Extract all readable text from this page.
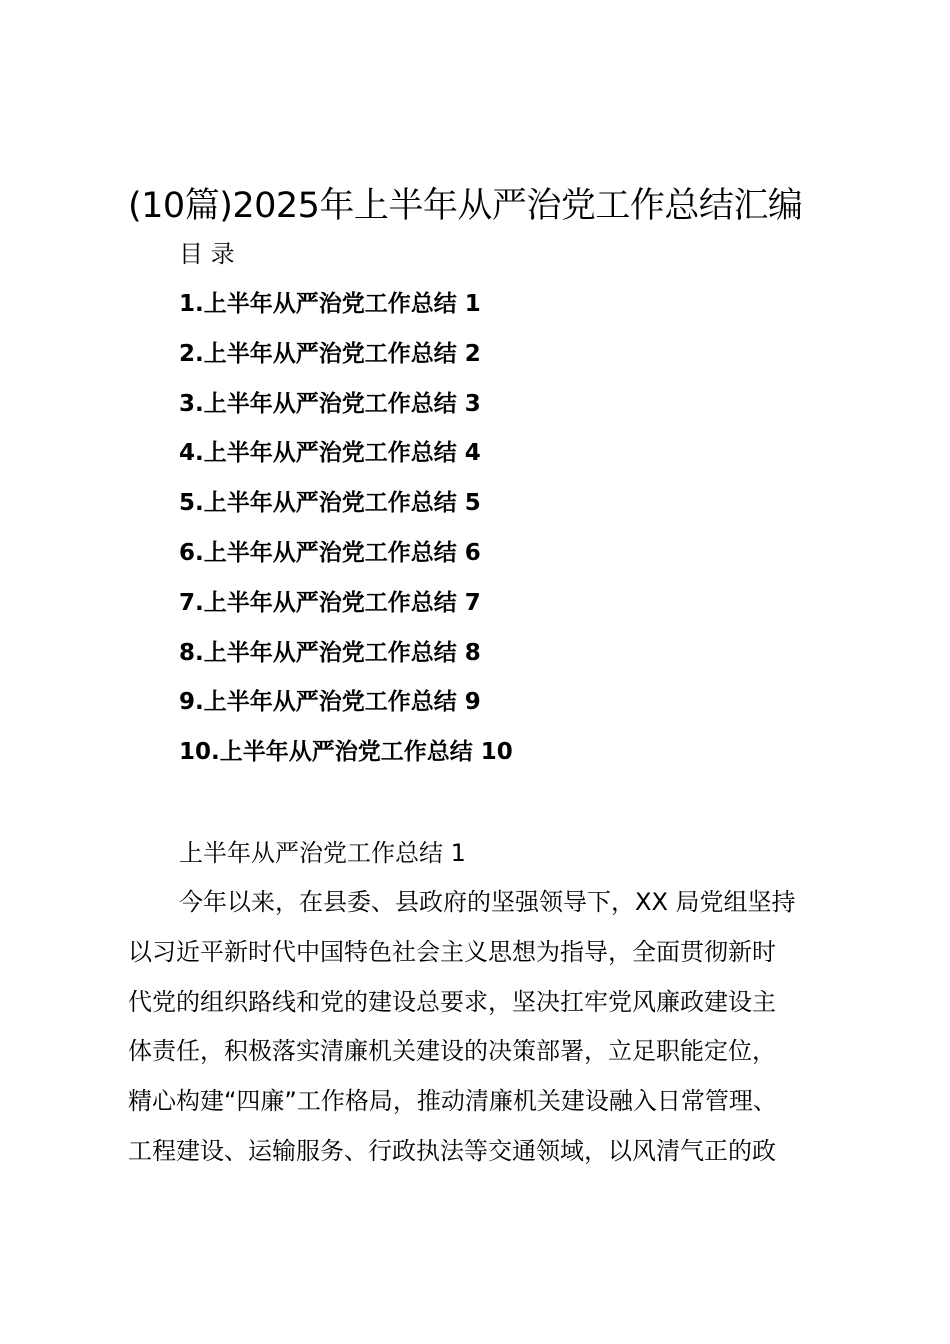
(10篇)2025年上半年从严治党工作总结汇编
目 录
1.上半年从严治党工作总结 1
2.上半年从严治党工作总结 2
3.上半年从严治党工作总结 3
4.上半年从严治党工作总结 4
5.上半年从严治党工作总结 5
6.上半年从严治党工作总结 6
7.上半年从严治党工作总结 7
8.上半年从严治党工作总结 8
9.上半年从严治党工作总结 9
10.上半年从严治党工作总结 10
上半年从严治党工作总结 1
今年以来，在县委、县政府的坚强领导下，XX 局党组坚持
以习近平新时代中国特色社会主义思想为指导，全面贯彻新时
代党的组织路线和党的建设总要求，坚决扛牢党风廉政建设主
体责任，积极落实清廉机关建设的决策部署，立足职能定位，
精心构建“四廉”工作格局，推动清廉机关建设融入日常管理、
工程建设、运输服务、行政执法等交通领域，以风清气正的政
